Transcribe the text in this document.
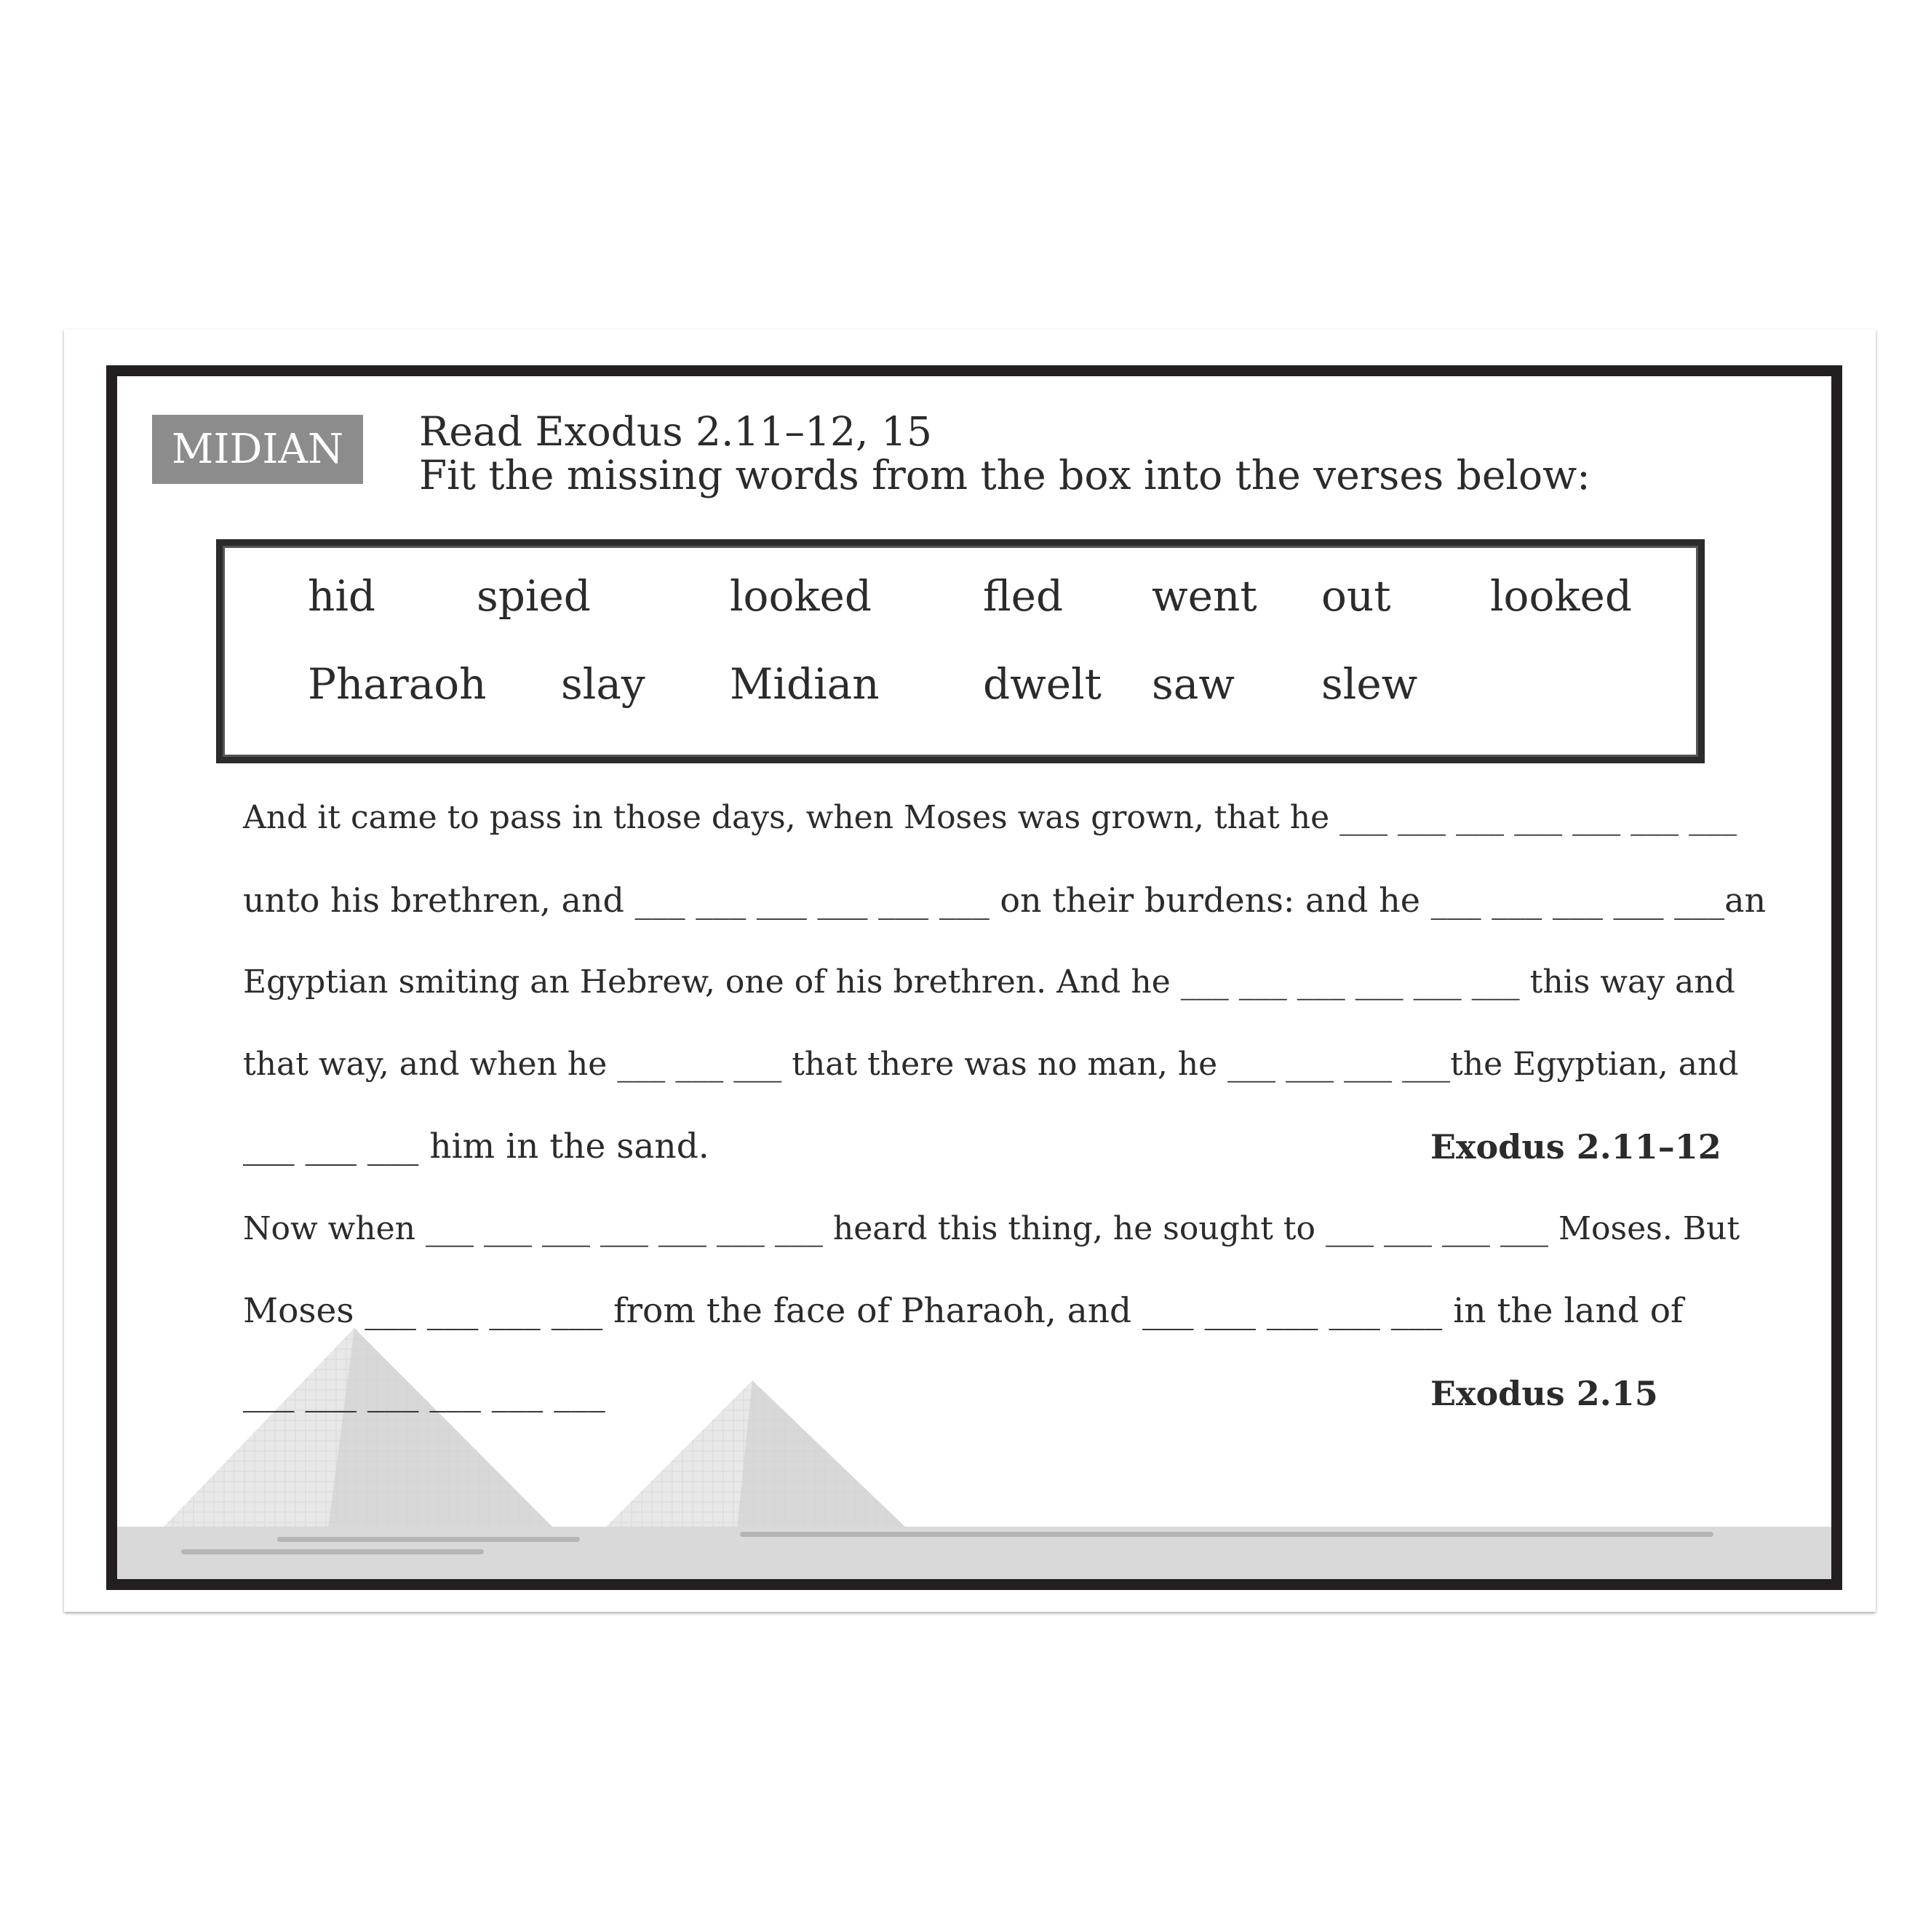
MIDIAN	Read Exodus 2.11–12, 15
Fit the missing words from the box into the verses below:
hid spied	looked	fled went out looked
Pharaoh slay Midian dwelt saw slew
And it came to pass in those days, when Moses was grown, that he ___ ___ ___ ___ ___ ___ ___
unto his brethren, and ___ ___ ___ ___ ___ ___ on their burdens: and he ___ ___ ___ ___ ___an
Egyptian smiting an Hebrew, one of his brethren. And he ___ ___ ___ ___ ___ ___ this way and
that way, and when he ___ ___ ___ that there was no man, he ___ ___ ___ ___the Egyptian, and
___ ___ ___ him in the sand.	Exodus 2.11–12
Now when ___ ___ ___ ___ ___ ___ ___ heard this thing, he sought to ___ ___ ___ ___ Moses. But
Moses ___ ___ ___ ___ from the face of Pharaoh, and ___ ___ ___ ___ ___ in the land of
___ ___ ___ ___ ___ ___	Exodus 2.15
